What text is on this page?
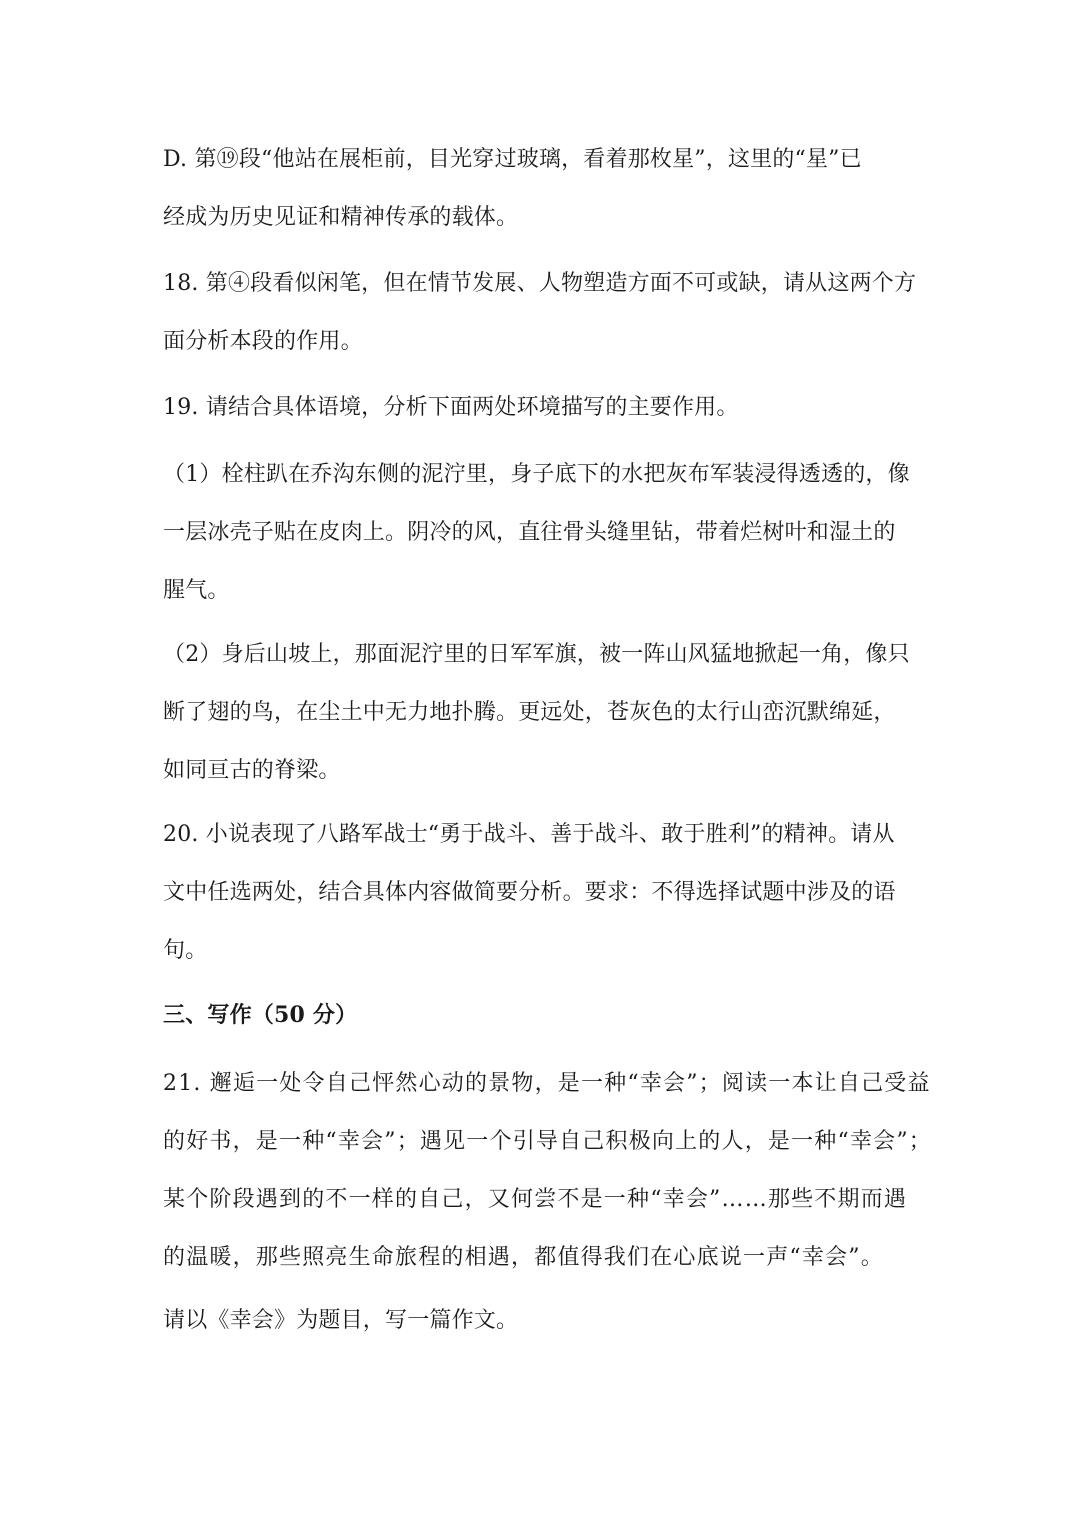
D. 第⑲段“他站在展柜前，目光穿过玻璃，看着那枚星”，这里的“星”已
经成为历史见证和精神传承的载体。
18. 第④段看似闲笔，但在情节发展、人物塑造方面不可或缺，请从这两个方
面分析本段的作用。
19. 请结合具体语境，分析下面两处环境描写的主要作用。
（1）栓柱趴在乔沟东侧的泥泞里，身子底下的水把灰布军装浸得透透的，像
一层冰壳子贴在皮肉上。阴冷的风，直往骨头缝里钻，带着烂树叶和湿土的
腥气。
（2）身后山坡上，那面泥泞里的日军军旗，被一阵山风猛地掀起一角，像只
断了翅的鸟，在尘土中无力地扑腾。更远处，苍灰色的太行山峦沉默绵延，
如同亘古的脊梁。
20. 小说表现了八路军战士“勇于战斗、善于战斗、敢于胜利”的精神。请从
文中任选两处，结合具体内容做简要分析。要求：不得选择试题中涉及的语
句。
三、写作（50 分）
21. 邂逅一处令自己怦然心动的景物，是一种“幸会”；阅读一本让自己受益
的好书，是一种“幸会”；遇见一个引导自己积极向上的人，是一种“幸会”；
某个阶段遇到的不一样的自己，又何尝不是一种“幸会”……那些不期而遇
的温暖，那些照亮生命旅程的相遇，都值得我们在心底说一声“幸会”。
请以《幸会》为题目，写一篇作文。
